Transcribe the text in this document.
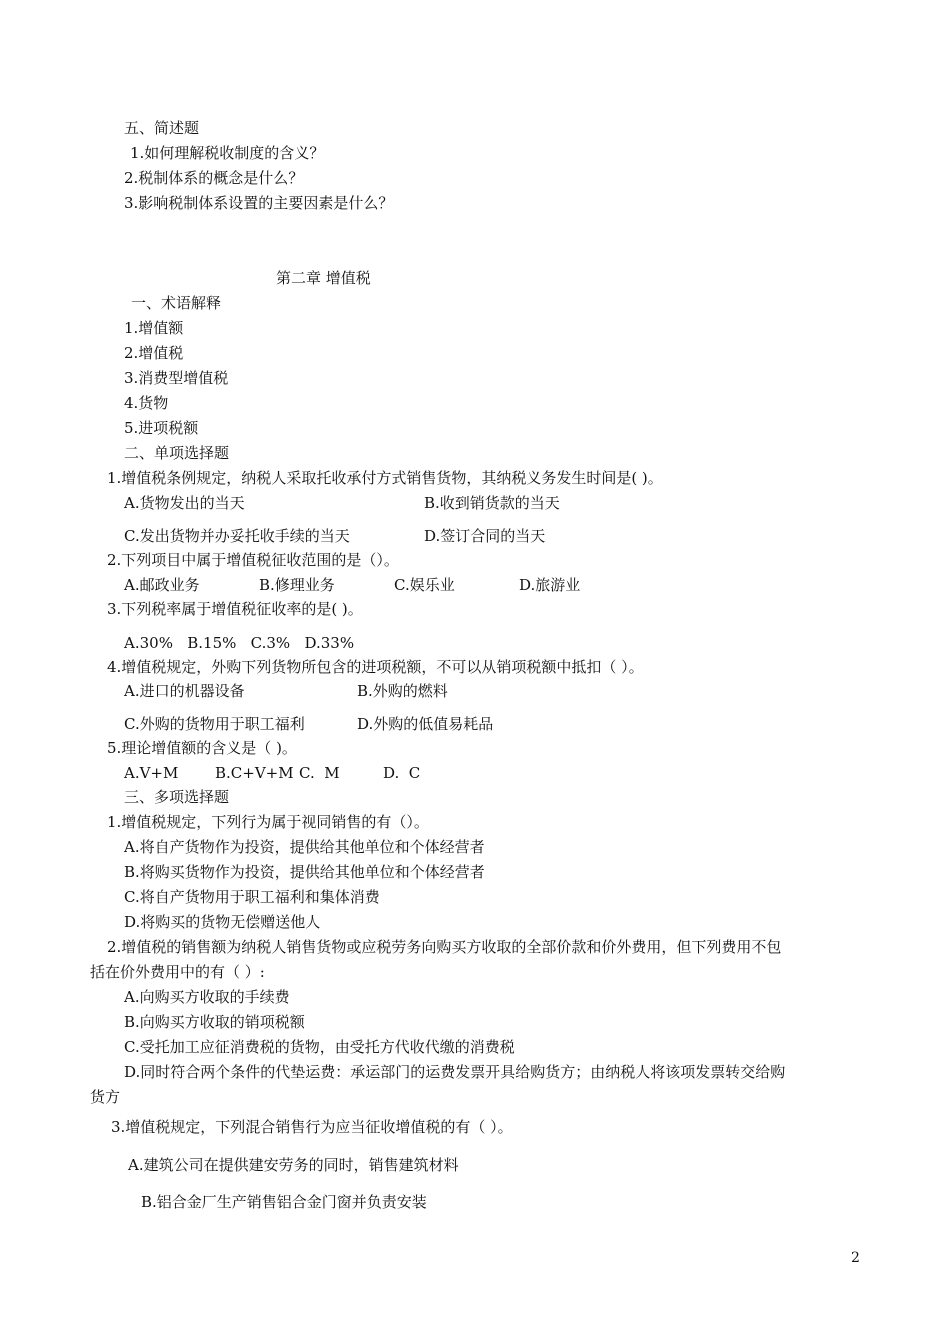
五、简述题
1.如何理解税收制度的含义？
2.税制体系的概念是什么？
3.影响税制体系设置的主要因素是什么？
第二章 增值税
一、术语解释
1.增值额
2.增值税
3.消费型增值税
4.货物
5.进项税额
二、单项选择题
1.增值税条例规定，纳税人采取托收承付方式销售货物，其纳税义务发生时间是( )。
A.货物发出的当天	B.收到销货款的当天
C.发出货物并办妥托收手续的当天	D.签订合同的当天
2.下列项目中属于增值税征收范围的是（）。
A.邮政业务	B.修理业务	C.娱乐业	D.旅游业
3.下列税率属于增值税征收率的是( )。
A.30%   B.15%   C.3%   D.33%
4.增值税规定，外购下列货物所包含的进项税额，不可以从销项税额中抵扣（ ）。
A.进口的机器设备	B.外购的燃料
C.外购的货物用于职工福利	D.外购的低值易耗品
5.理论增值额的含义是（ )。
A.V+M B.C+V+M C.  M	D.  C
三、多项选择题
1.增值税规定，下列行为属于视同销售的有（）。
A.将自产货物作为投资，提供给其他单位和个体经营者
B.将购买货物作为投资，提供给其他单位和个体经营者
C.将自产货物用于职工福利和集体消费
D.将购买的货物无偿赠送他人
2.增值税的销售额为纳税人销售货物或应税劳务向购买方收取的全部价款和价外费用，但下列费用不包
括在价外费用中的有（ ）:
A.向购买方收取的手续费
B.向购买方收取的销项税额
C.受托加工应征消费税的货物，由受托方代收代缴的消费税
D.同时符合两个条件的代垫运费：承运部门的运费发票开具给购货方；由纳税人将该项发票转交给购
货方
3.增值税规定，下列混合销售行为应当征收增值税的有（ ）。
A.建筑公司在提供建安劳务的同时，销售建筑材料
B.铝合金厂生产销售铝合金门窗并负责安装
2
